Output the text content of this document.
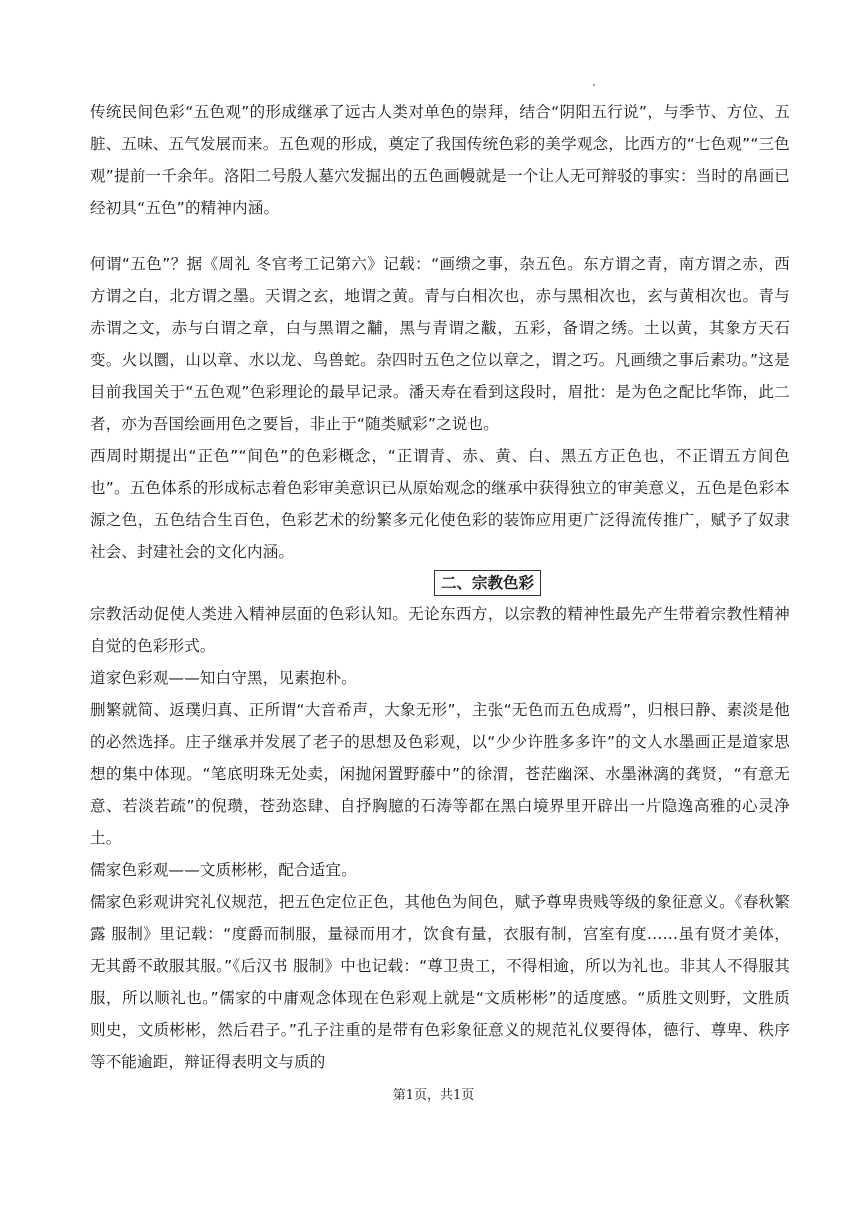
传统民间色彩“五色观”的形成继承了远古人类对单色的崇拜，结合“阴阳五行说”，与季节、方位、五脏、五味、五气发展而来。五色观的形成，奠定了我国传统色彩的美学观念，比西方的“七色观”“三色观”提前一千余年。洛阳二号殷人墓穴发掘出的五色画幔就是一个让人无可辩驳的事实：当时的帛画已经初具“五色”的精神内涵。

何谓“五色”？据《周礼 冬官考工记第六》记载：“画缋之事，杂五色。东方谓之青，南方谓之赤，西方谓之白，北方谓之墨。天谓之玄，地谓之黄。青与白相次也，赤与黑相次也，玄与黄相次也。青与赤谓之文，赤与白谓之章，白与黑谓之黼，黑与青谓之黻，五彩，备谓之绣。土以黄，其象方天石变。火以圜，山以章、水以龙、鸟兽蛇。杂四时五色之位以章之，谓之巧。凡画缋之事后素功。”这是目前我国关于“五色观”色彩理论的最早记录。潘天寿在看到这段时，眉批：是为色之配比华饰，此二者，亦为吾国绘画用色之要旨，非止于“随类赋彩”之说也。

西周时期提出“正色”“间色”的色彩概念，“正谓青、赤、黄、白、黑五方正色也，不正谓五方间色也”。五色体系的形成标志着色彩审美意识已从原始观念的继承中获得独立的审美意义，五色是色彩本源之色，五色结合生百色，色彩艺术的纷繁多元化使色彩的装饰应用更广泛得流传推广，赋予了奴隶社会、封建社会的文化内涵。

二、宗教色彩

宗教活动促使人类进入精神层面的色彩认知。无论东西方，以宗教的精神性最先产生带着宗教性精神自觉的色彩形式。

道家色彩观——知白守黑，见素抱朴。

删繁就简、返璞归真、正所谓“大音希声，大象无形”，主张“无色而五色成焉”，归根曰静、素淡是他的必然选择。庄子继承并发展了老子的思想及色彩观，以“少少许胜多多许”的文人水墨画正是道家思想的集中体现。“笔底明珠无处卖，闲抛闲置野藤中”的徐渭，苍茫幽深、水墨淋漓的龚贤，“有意无意、若淡若疏”的倪瓒，苍劲恣肆、自抒胸臆的石涛等都在黑白境界里开辟出一片隐逸高雅的心灵净土。

儒家色彩观——文质彬彬，配合适宜。

儒家色彩观讲究礼仪规范，把五色定位正色，其他色为间色，赋予尊卑贵贱等级的象征意义。《春秋繁露 服制》里记载：“度爵而制服，量禄而用才，饮食有量，衣服有制，宫室有度……虽有贤才美体，无其爵不敢服其服。”《后汉书 服制》中也记载：“尊卫贵工，不得相逾，所以为礼也。非其人不得服其服，所以顺礼也。”儒家的中庸观念体现在色彩观上就是“文质彬彬”的适度感。“质胜文则野，文胜质则史，文质彬彬，然后君子。”孔子注重的是带有色彩象征意义的规范礼仪要得体，德行、尊卑、秩序等不能逾距，辩证得表明文与质的

第1页，共1页
